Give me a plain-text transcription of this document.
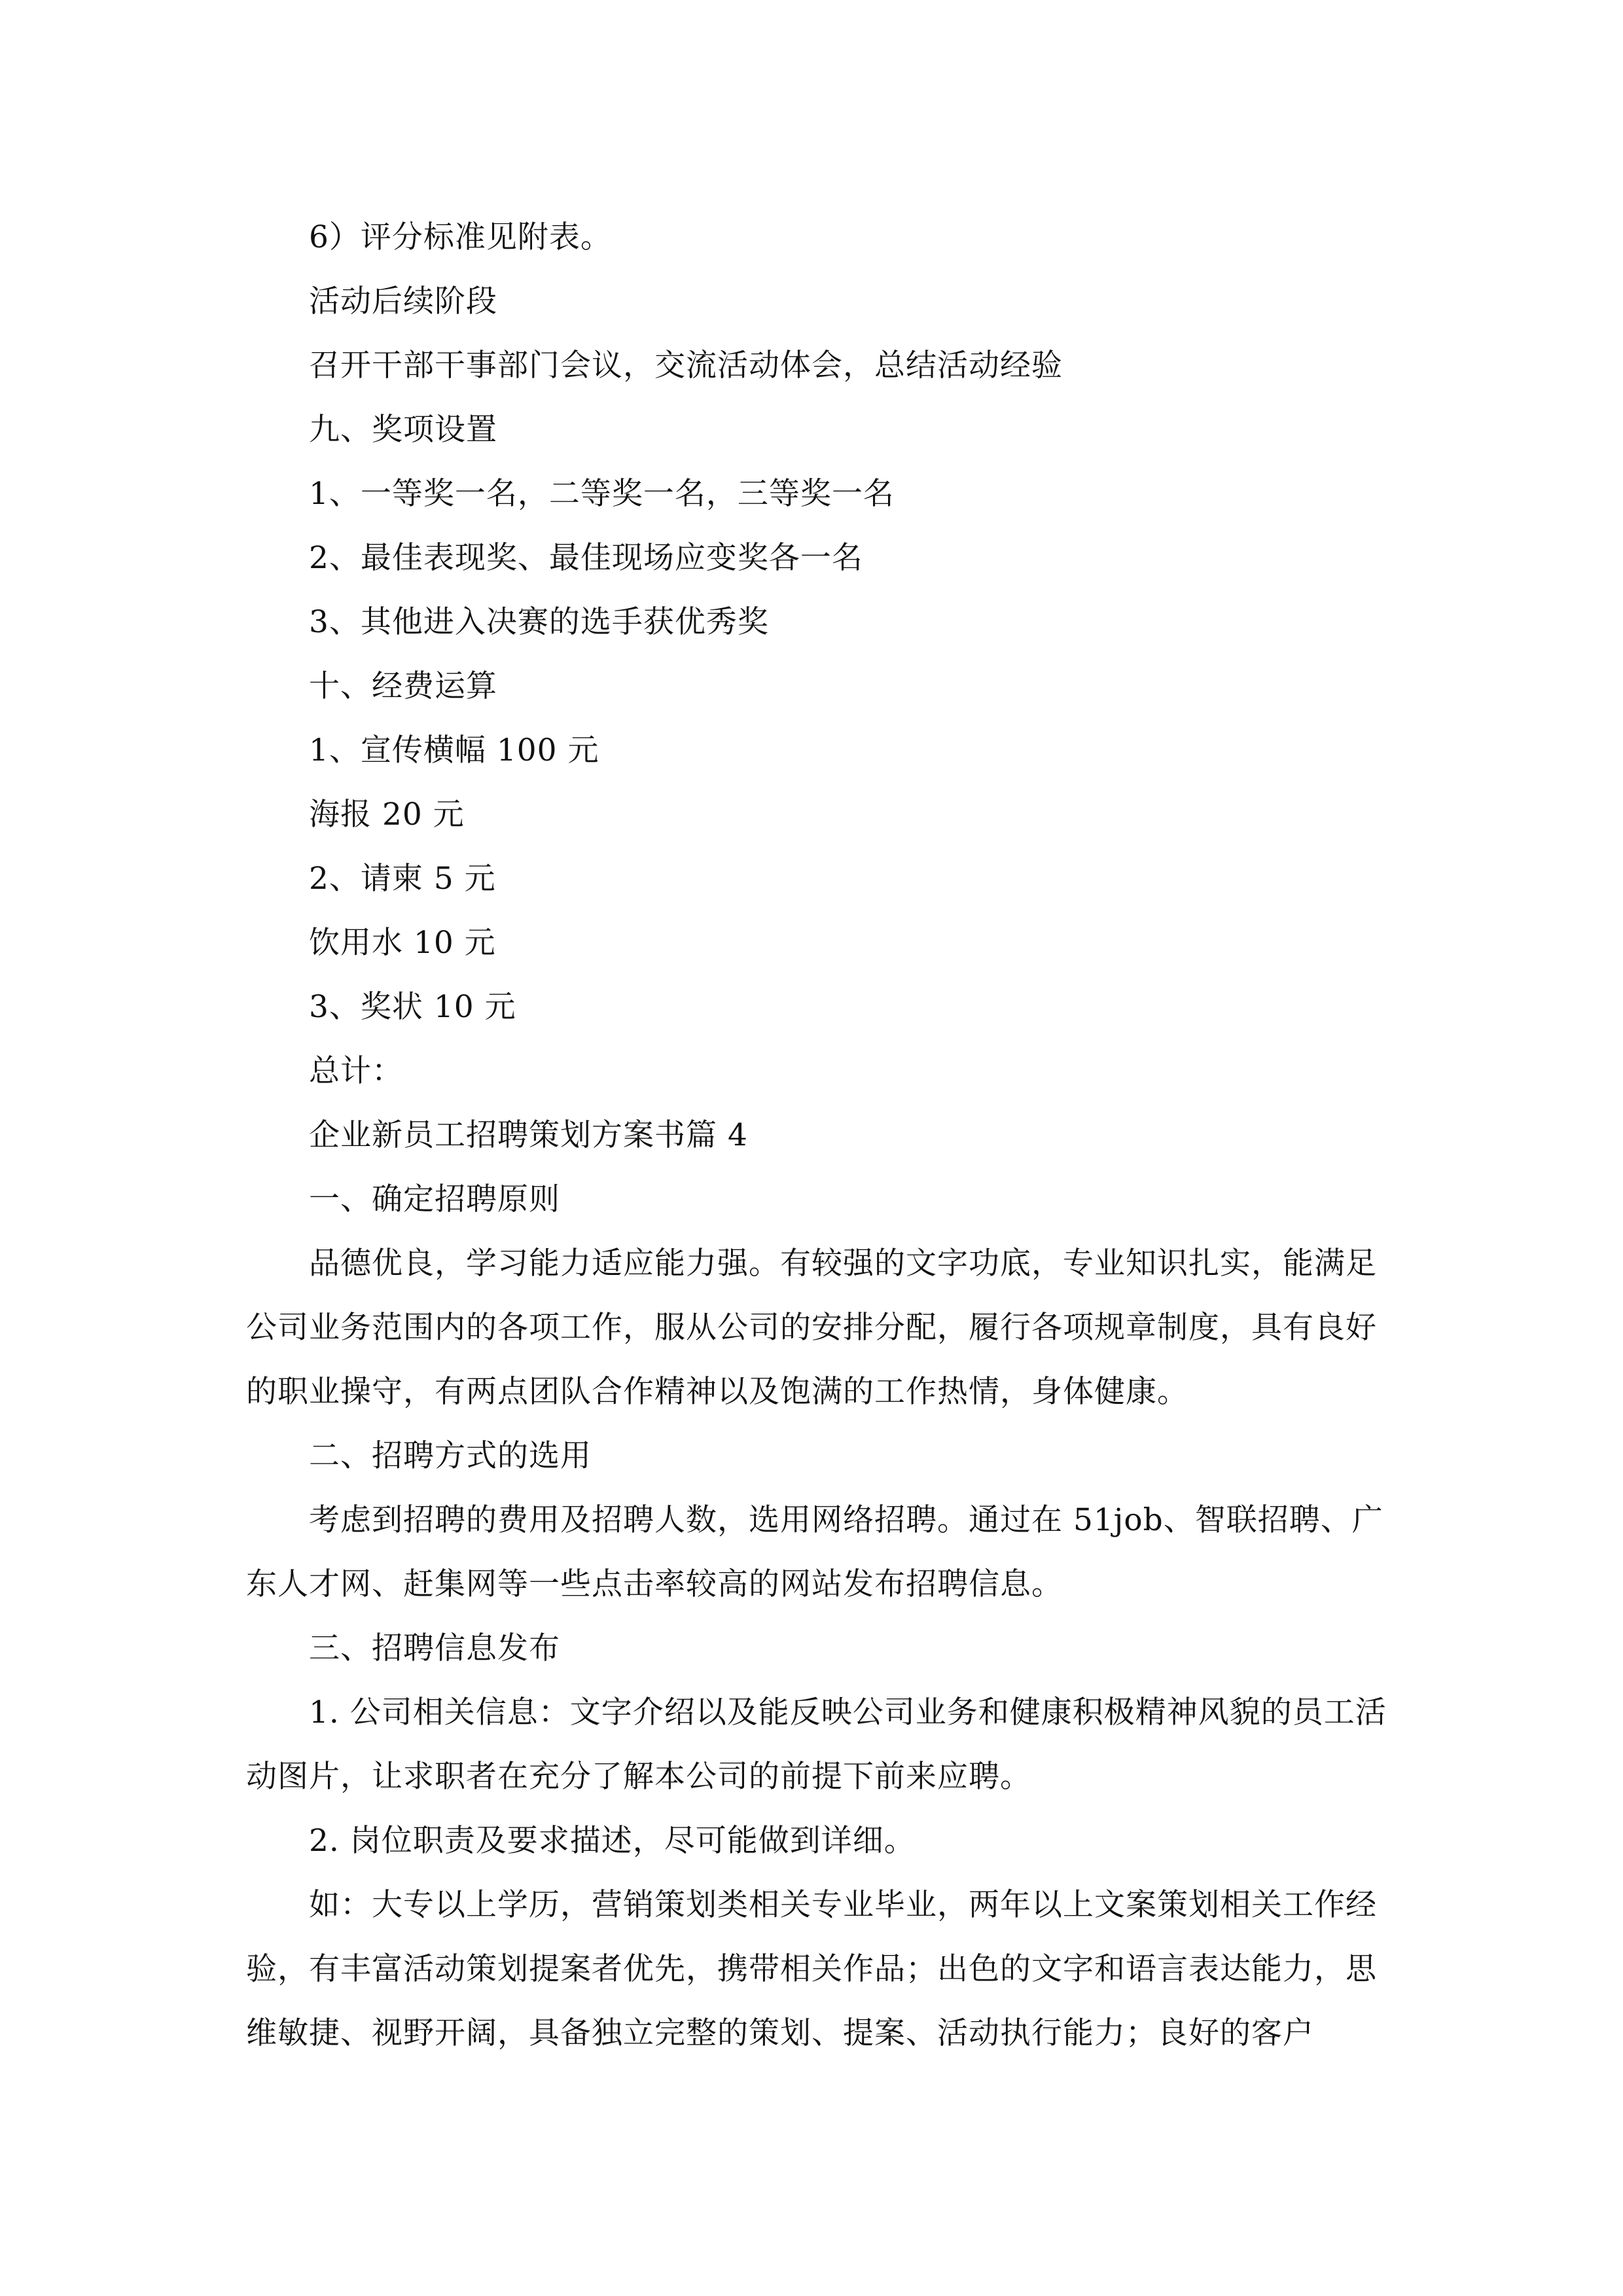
6）评分标准见附表。

活动后续阶段

召开干部干事部门会议，交流活动体会，总结活动经验

九、奖项设置

1、一等奖一名，二等奖一名，三等奖一名

2、最佳表现奖、最佳现场应变奖各一名

3、其他进入决赛的选手获优秀奖

十、经费运算

1、宣传横幅 100 元

海报 20 元

2、请柬 5 元

饮用水 10 元

3、奖状 10 元

总计：

企业新员工招聘策划方案书篇 4

一、确定招聘原则

品德优良，学习能力适应能力强。有较强的文字功底，专业知识扎实，能满足公司业务范围内的各项工作，服从公司的安排分配，履行各项规章制度，具有良好的职业操守，有两点团队合作精神以及饱满的工作热情，身体健康。

二、招聘方式的选用

考虑到招聘的费用及招聘人数，选用网络招聘。通过在 51job、智联招聘、广东人才网、赶集网等一些点击率较高的网站发布招聘信息。

三、招聘信息发布

1. 公司相关信息：文字介绍以及能反映公司业务和健康积极精神风貌的员工活动图片，让求职者在充分了解本公司的前提下前来应聘。

2. 岗位职责及要求描述，尽可能做到详细。

如：大专以上学历，营销策划类相关专业毕业，两年以上文案策划相关工作经验，有丰富活动策划提案者优先，携带相关作品；出色的文字和语言表达能力，思维敏捷、视野开阔，具备独立完整的策划、提案、活动执行能力；良好的客户
